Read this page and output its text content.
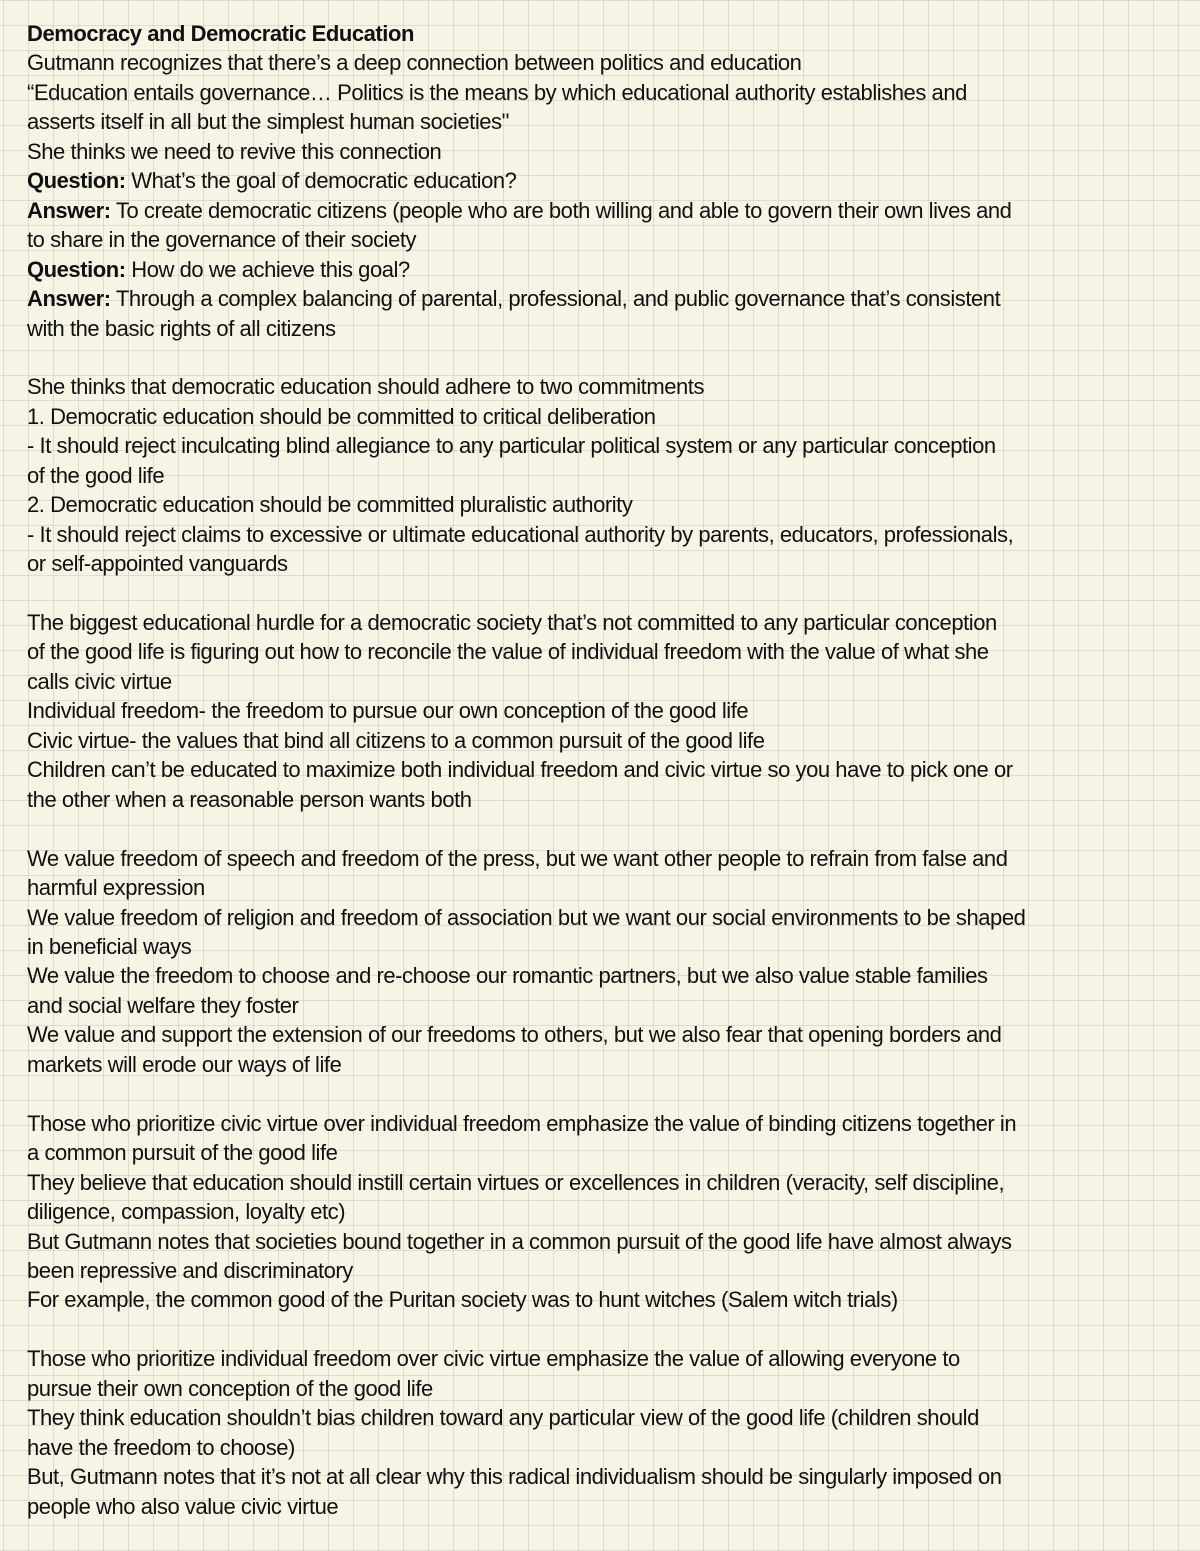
Democracy and Democratic Education
Gutmann recognizes that there’s a deep connection between politics and education
“Education entails governance… Politics is the means by which educational authority establishes and
asserts itself in all but the simplest human societies"
She thinks we need to revive this connection
Question: What’s the goal of democratic education?
Answer: To create democratic citizens (people who are both willing and able to govern their own lives and
to share in the governance of their society
Question: How do we achieve this goal?
Answer: Through a complex balancing of parental, professional, and public governance that’s consistent
with the basic rights of all citizens
She thinks that democratic education should adhere to two commitments
1. Democratic education should be committed to critical deliberation
- It should reject inculcating blind allegiance to any particular political system or any particular conception
of the good life
2. Democratic education should be committed pluralistic authority
- It should reject claims to excessive or ultimate educational authority by parents, educators, professionals,
or self-appointed vanguards
The biggest educational hurdle for a democratic society that’s not committed to any particular conception
of the good life is figuring out how to reconcile the value of individual freedom with the value of what she
calls civic virtue
Individual freedom- the freedom to pursue our own conception of the good life
Civic virtue- the values that bind all citizens to a common pursuit of the good life
Children can’t be educated to maximize both individual freedom and civic virtue so you have to pick one or
the other when a reasonable person wants both
We value freedom of speech and freedom of the press, but we want other people to refrain from false and
harmful expression
We value freedom of religion and freedom of association but we want our social environments to be shaped
in beneficial ways
We value the freedom to choose and re-choose our romantic partners, but we also value stable families
and social welfare they foster
We value and support the extension of our freedoms to others, but we also fear that opening borders and
markets will erode our ways of life
Those who prioritize civic virtue over individual freedom emphasize the value of binding citizens together in
a common pursuit of the good life
They believe that education should instill certain virtues or excellences in children (veracity, self discipline,
diligence, compassion, loyalty etc)
But Gutmann notes that societies bound together in a common pursuit of the good life have almost always
been repressive and discriminatory
For example, the common good of the Puritan society was to hunt witches (Salem witch trials)
Those who prioritize individual freedom over civic virtue emphasize the value of allowing everyone to
pursue their own conception of the good life
They think education shouldn’t bias children toward any particular view of the good life (children should
have the freedom to choose)
But, Gutmann notes that it’s not at all clear why this radical individualism should be singularly imposed on
people who also value civic virtue
